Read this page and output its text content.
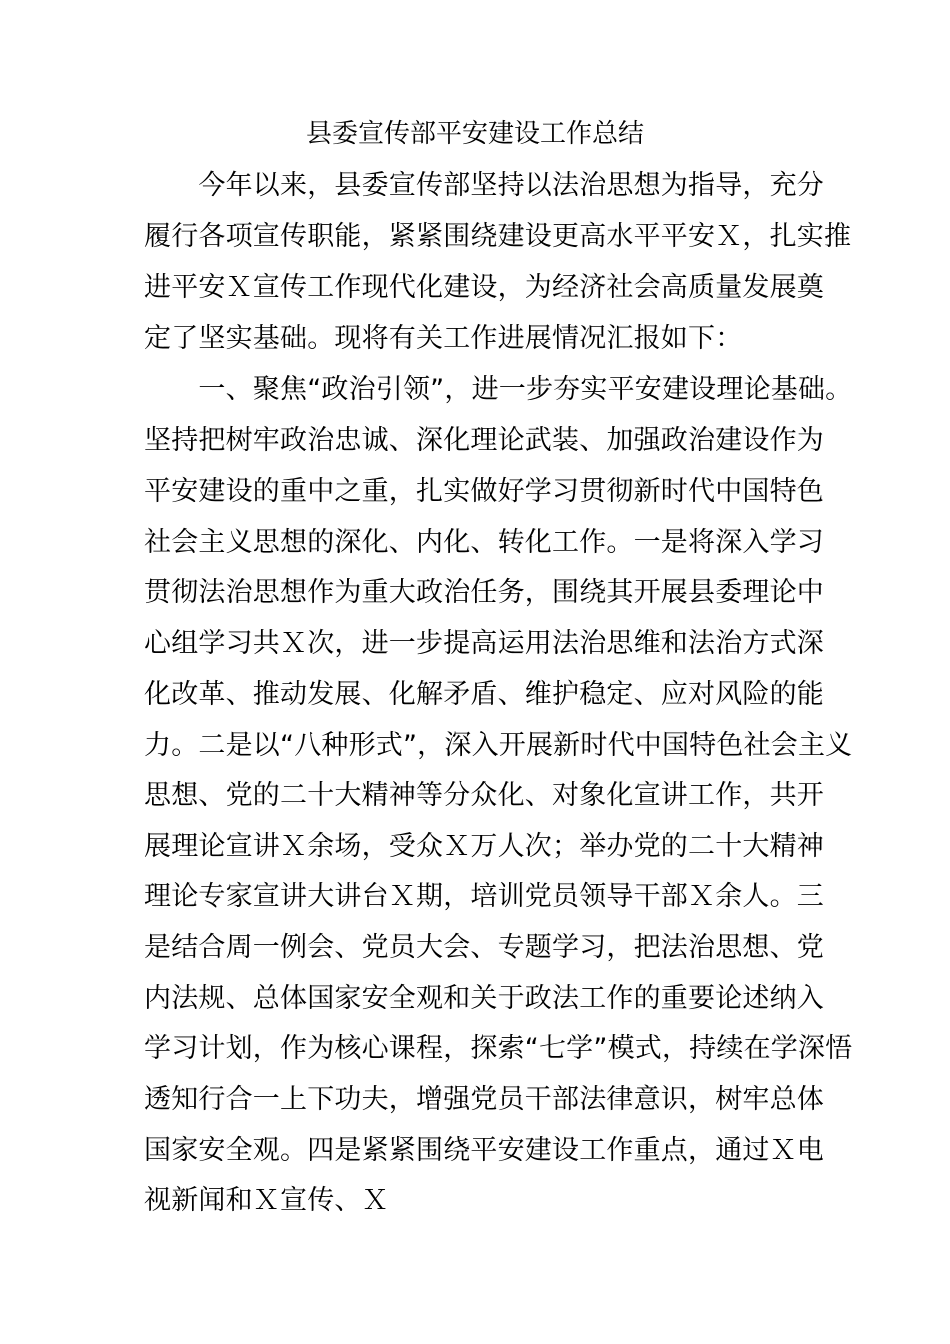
县委宣传部平安建设工作总结
　　今年以来，县委宣传部坚持以法治思想为指导，充分
履行各项宣传职能，紧紧围绕建设更高水平平安Ｘ，扎实推
进平安Ｘ宣传工作现代化建设，为经济社会高质量发展奠
定了坚实基础。现将有关工作进展情况汇报如下：
　　一、聚焦“政治引领”，进一步夯实平安建设理论基础。
坚持把树牢政治忠诚、深化理论武装、加强政治建设作为
平安建设的重中之重，扎实做好学习贯彻新时代中国特色
社会主义思想的深化、内化、转化工作。一是将深入学习
贯彻法治思想作为重大政治任务，围绕其开展县委理论中
心组学习共Ｘ次，进一步提高运用法治思维和法治方式深
化改革、推动发展、化解矛盾、维护稳定、应对风险的能
力。二是以“八种形式”，深入开展新时代中国特色社会主义
思想、党的二十大精神等分众化、对象化宣讲工作，共开
展理论宣讲Ｘ余场，受众Ｘ万人次；举办党的二十大精神
理论专家宣讲大讲台Ｘ期，培训党员领导干部Ｘ余人。三
是结合周一例会、党员大会、专题学习，把法治思想、党
内法规、总体国家安全观和关于政法工作的重要论述纳入
学习计划，作为核心课程，探索“七学”模式，持续在学深悟
透知行合一上下功夫，增强党员干部法律意识，树牢总体
国家安全观。四是紧紧围绕平安建设工作重点，通过Ｘ电
视新闻和Ｘ宣传、Ｘ
